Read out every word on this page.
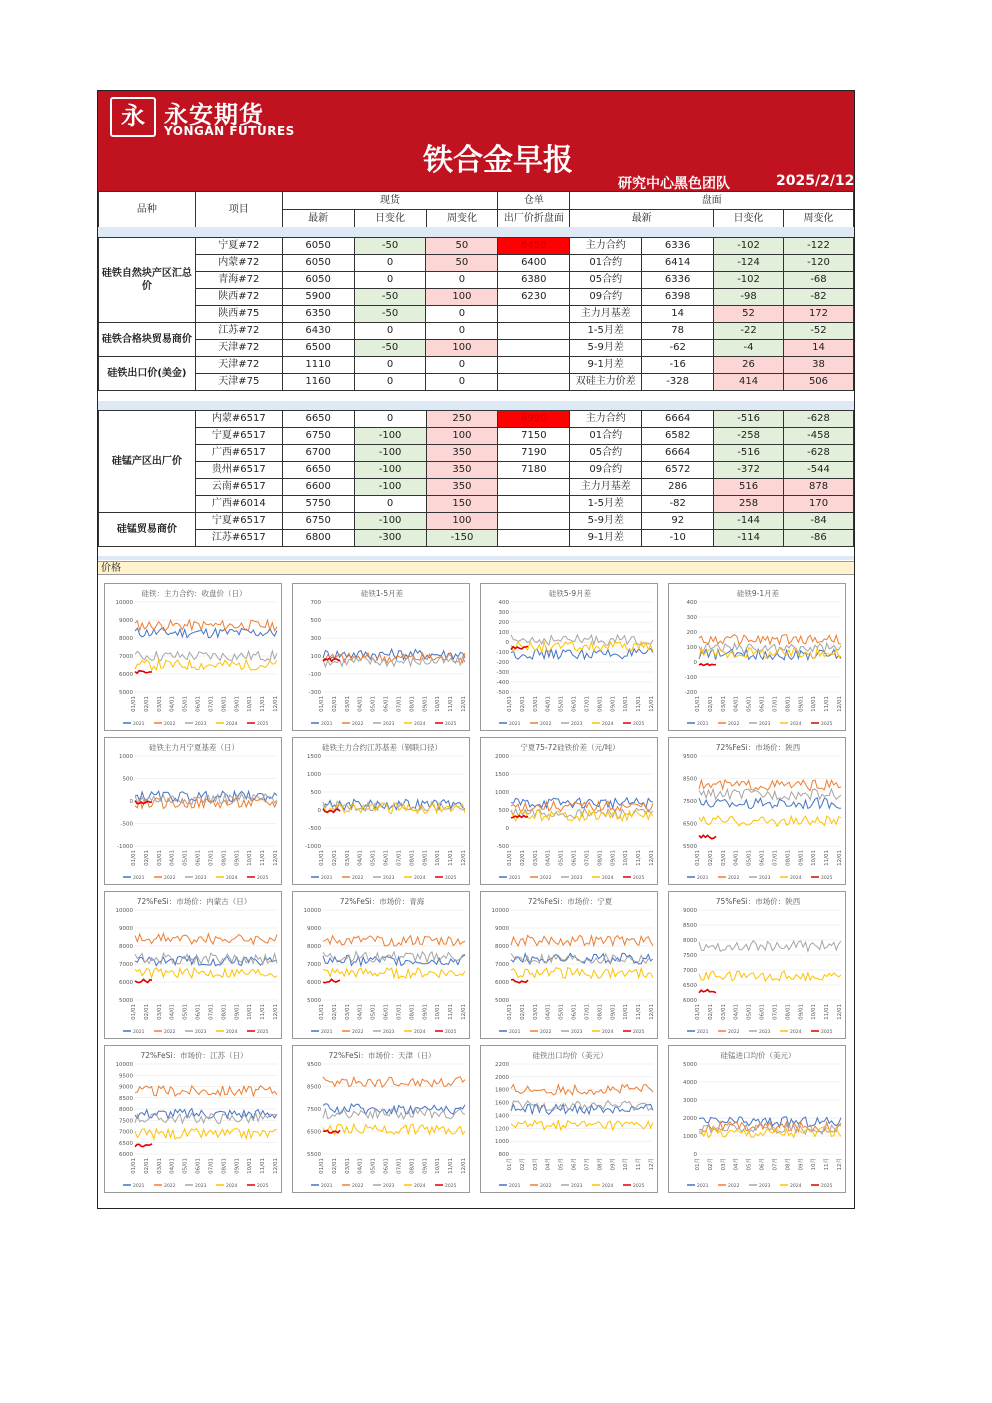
永 永安期货
YONGAN FUTURES
铁合金早报
研究中心黑色团队	2025/2/12
品种	项目	现货			仓单	盘面		
		最新	日变化	周变化	出厂价折盘面	最新	日变化	周变化
硅铁自然块产区汇总价	宁夏#72	6050	-50	50	6450	主力合约	6336	-102	-122
	内蒙#72	6050	0	50	6400	01合约	6414	-124	-120
	青海#72	6050	0	0	6380	05合约	6336	-102	-68
	陕西#72	5900	-50	100	6230	09合约	6398	-98	-82
	陕西#75	6350	-50	0		主力月基差	14	52	172
硅铁合格块贸易商价	江苏#72	6430	0	0		1-5月差	78	-22	-52
	天津#72	6500	-50	100		5-9月差	-62	-4	14
硅铁出口价(美金)	天津#72	1110	0	0		9-1月差	-16	26	38
	天津#75	1160	0	0		双硅主力价差	-328	414	506
硅锰产区出厂价	内蒙#6517	6650	0	250	6990	主力合约	6664	-516	-628
	宁夏#6517	6750	-100	100	7150	01合约	6582	-258	-458
	广西#6517	6700	-100	350	7190	05合约	6664	-516	-628
	贵州#6517	6650	-100	350	7180	09合约	6572	-372	-544
	云南#6517	6600	-100	350		主力月基差	286	516	878
	广西#6014	5750	0	150		1-5月差	-82	258	170
硅锰贸易商价	宁夏#6517	6750	-100	100		5-9月差	92	-144	-84
	江苏#6517	6800	-300	-150		9-1月差	-10	-114	-86
价格
硅铁：主力合约：收盘价（日）
10000
9000
8000
7000
6000
5000
01/01 02/01 03/01 04/01 05/01 06/01 07/01 08/01 09/01 10/01 11/01 12/01
2021	2022	2023	2024	2025
硅铁1-5月差
700
500
300
100
-100
-300
01/01 02/01 03/01 04/01 05/01 06/01 07/01 08/01 09/01 10/01 11/01 12/01
2021	2022	2023	2024	2025
硅铁5-9月差
400
300
200
100
0
-100
-200
-300
-400
-500
01/01 02/01 03/01 04/01 05/01 06/01 07/01 08/01 09/01 10/01 11/01 12/01
2021	2022	2023	2024	2025
硅铁9-1月差
400
300
200
100
0
-100
-200
01/01 02/01 03/01 04/01 05/01 06/01 07/01 08/01 09/01 10/01 11/01 12/01
2021	2022	2023	2024	2025
硅铁主力月宁夏基差（日）
1000
500
0
-500
-1000
01/01 02/01 03/01 04/01 05/01 06/01 07/01 08/01 09/01 10/01 11/01 12/01
2021	2022	2023	2024	2025
硅铁主力合约江苏基差（钢联口径）
1500
1000
500
0
-500
-1000
01/01 02/01 03/01 04/01 05/01 06/01 07/01 08/01 09/01 10/01 11/01 12/01
2021	2022	2023	2024	2025
宁夏75-72硅铁价差（元/吨）
2000
1500
1000
500
0
-500
01/01 02/01 03/01 04/01 05/01 06/01 07/01 08/01 09/01 10/01 11/01 12/01
2021	2022	2023	2024	2025
72%FeSi：市场价：陕西
9500
8500
7500
6500
5500
01/01 02/01 03/01 04/01 05/01 06/01 07/01 08/01 09/01 10/01 11/01 12/01
2021	2022	2023	2024	2025
72%FeSi：市场价：内蒙古（日）
10000
9000
8000
7000
6000
5000
01/01 02/01 03/01 04/01 05/01 06/01 07/01 08/01 09/01 10/01 11/01 12/01
2021	2022	2023	2024	2025
72%FeSi：市场价：青海
10000
9000
8000
7000
6000
5000
01/01 02/01 03/01 04/01 05/01 06/01 07/01 08/01 09/01 10/01 11/01 12/01
2021	2022	2023	2024	2025
72%FeSi：市场价：宁夏
10000
9000
8000
7000
6000
5000
01/01 02/01 03/01 04/01 05/01 06/01 07/01 08/01 09/01 10/01 11/01 12/01
2021	2022	2023	2024	2025
75%FeSi：市场价：陕西
9000
8500
8000
7500
7000
6500
6000
01/01 02/01 03/01 04/01 05/01 06/01 07/01 08/01 09/01 10/01 11/01 12/01
2021	2022	2023	2024	2025
72%FeSi：市场价：江苏（日）
10000
9500
9000
8500
8000
7500
7000
6500
6000
01/01 02/01 03/01 04/01 05/01 06/01 07/01 08/01 09/01 10/01 11/01 12/01
2021	2022	2023	2024	2025
72%FeSi：市场价：天津（日）
9500
8500
7500
6500
5500
01/01 02/01 03/01 04/01 05/01 06/01 07/01 08/01 09/01 10/01 11/01 12/01
2021	2022	2023	2024	2025
硅铁出口均价（美元）
2200
2000
1800
1600
1400
1200
1000
800
01月	02月	03月	04月	05月	06月	07月	08月	09月	10月	11月	12月
2021	2022	2023	2024	2025
硅锰进口均价（美元）
5000
4000
3000
2000
1000
0
01月	02月	03月	04月	05月	06月	07月	08月	09月	10月	11月	12月
2021	2022	2023	2024	2025
